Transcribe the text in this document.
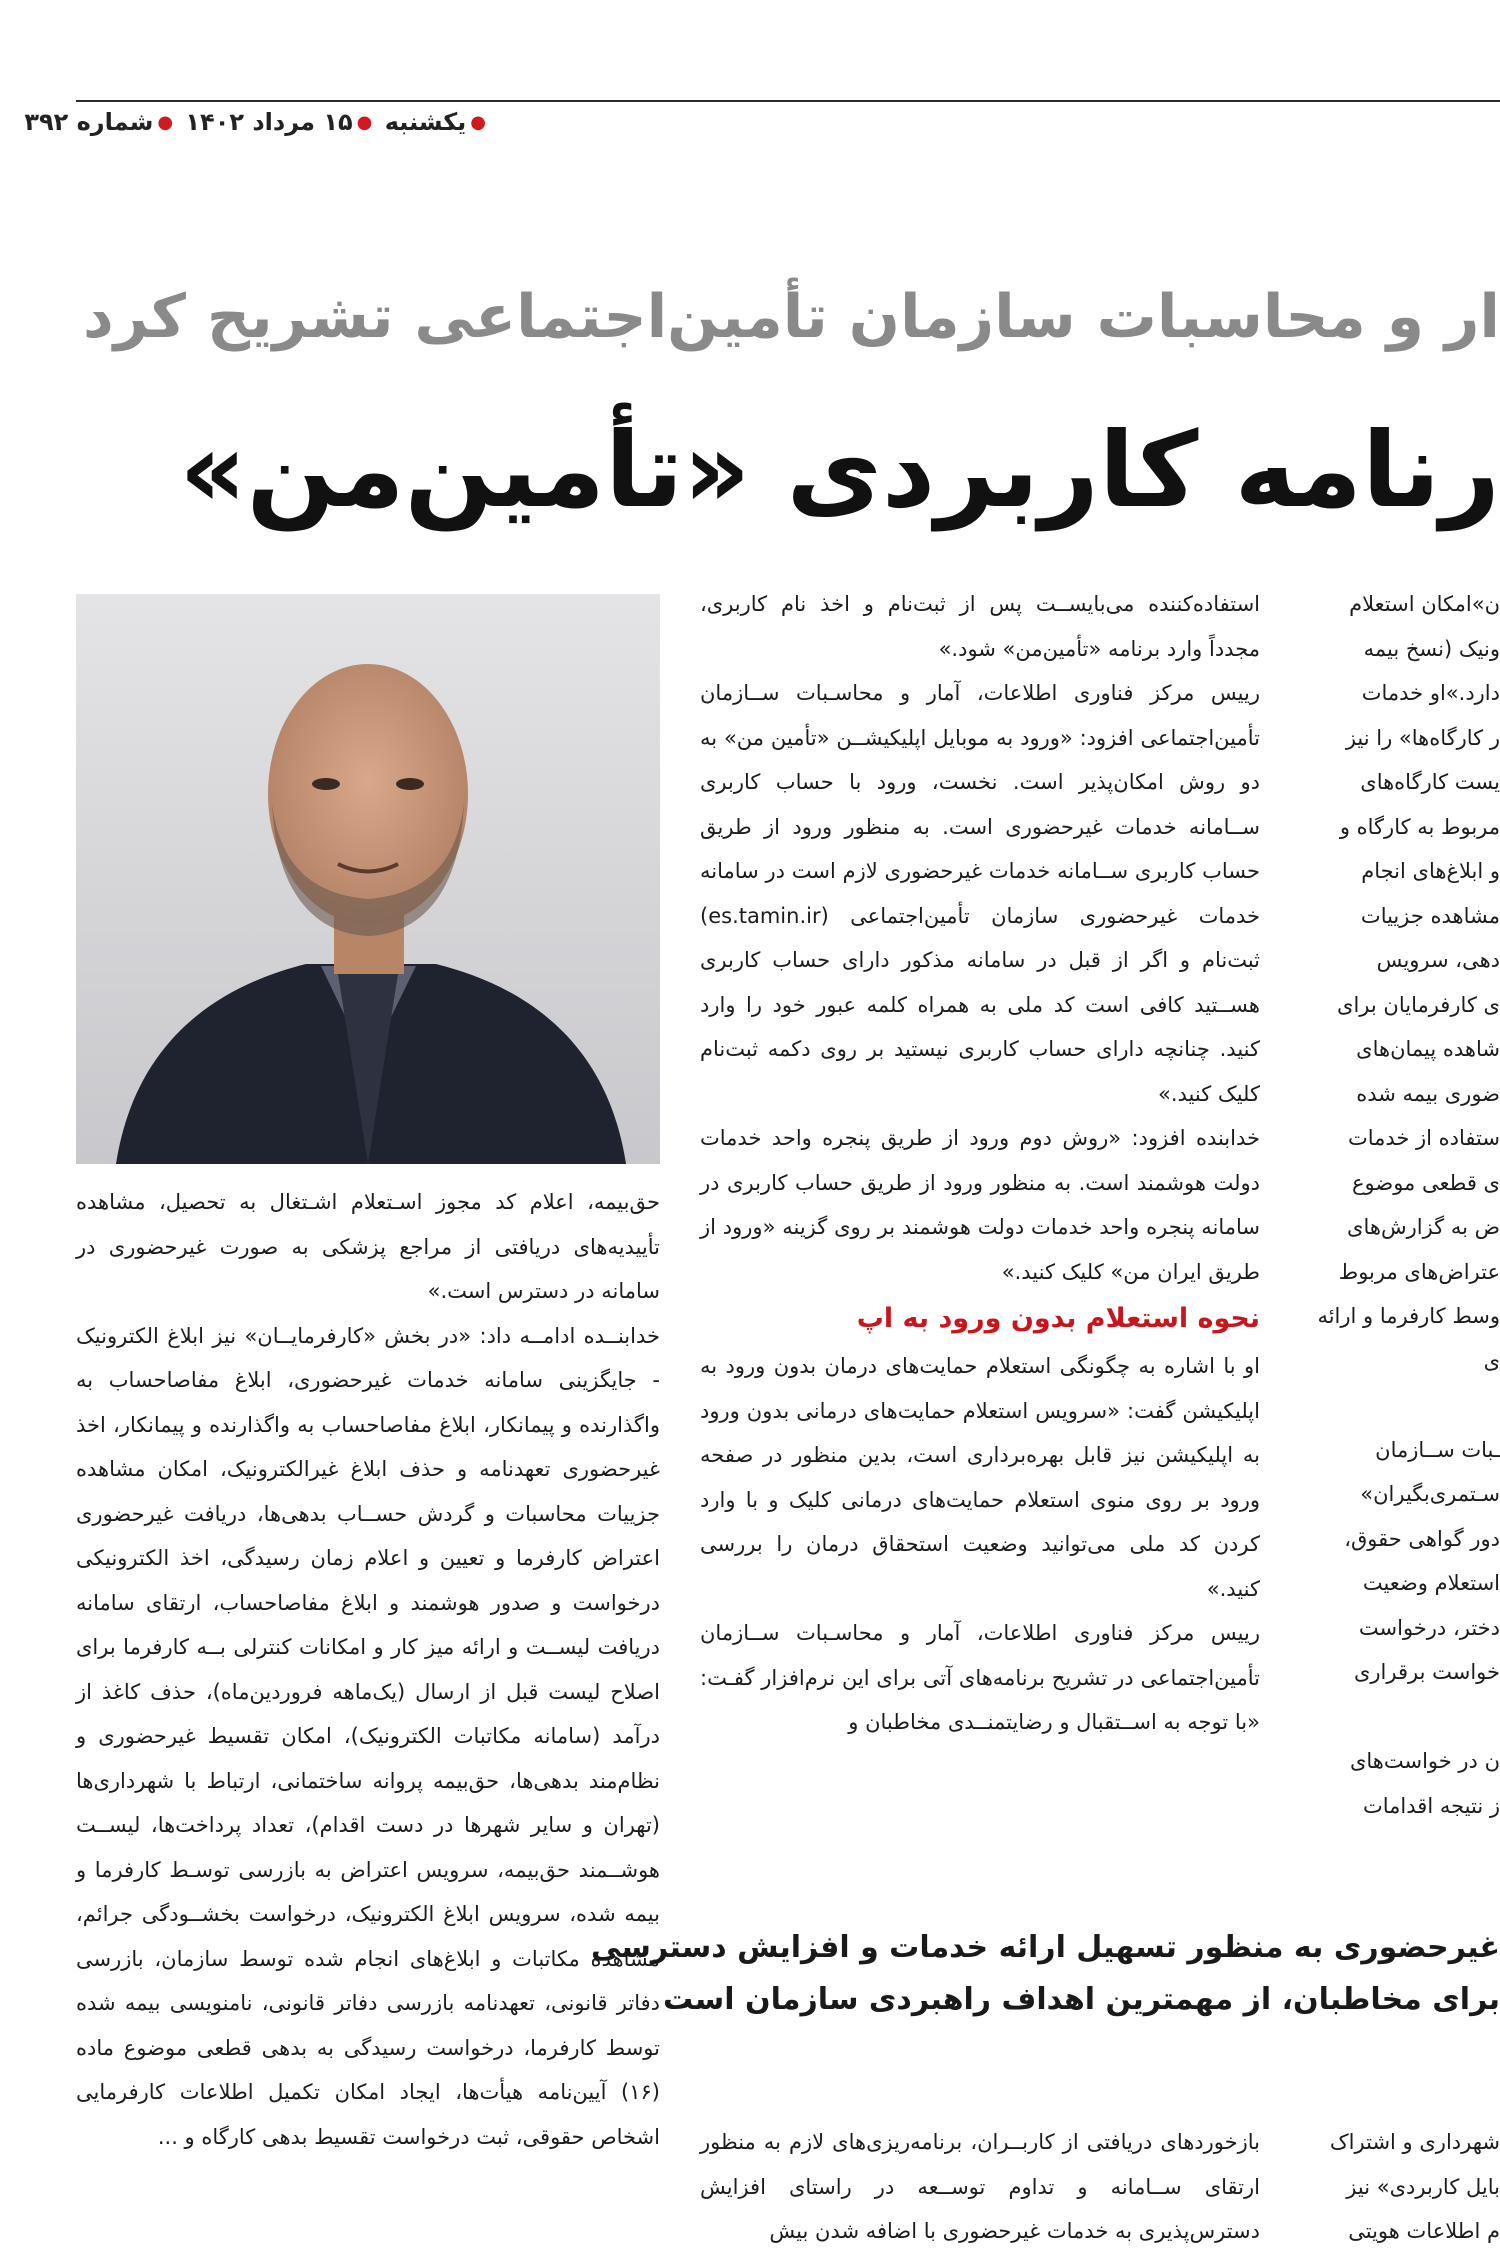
●یکشنبه ●۱۵ مرداد ۱۴۰۲ ●شماره ۳۹۲
ار و محاسبات سازمان تأمین‌اجتماعی تشریح کرد
رنامه کاربردی «تأمین‌من»

استفاده‌کننده می‌بایســت پس از ثبت‌نام و اخذ نام کاربری، مجدداً وارد برنامه «تأمین‌من» شود.»

رییس مرکز فناوری اطلاعات، آمار و محاسـبات ســازمان تأمین‌اجتماعی افزود: «ورود به موبایل اپلیکیشــن «تأمین من» به دو روش امکان‌پذیر است. نخست، ورود با حساب کاربری ســامانه خدمات غیرحضوری است. به منظور ورود از طریق حساب کاربری ســامانه خدمات غیرحضوری لازم است در سامانه خدمات غیرحضوری سازمان تأمین‌اجتماعی (es.tamin.ir) ثبت‌نام و اگر از قبل در سامانه مذکور دارای حساب کاربری هســتید کافی است کد ملی به همراه کلمه عبور خود را وارد کنید. چنانچه دارای حساب کاربری نیستید بر روی دکمه ثبت‌نام کلیک کنید.»

خدابنده افزود: «روش دوم ورود از طریق پنجره واحد خدمات دولت هوشمند است. به منظور ورود از طریق حساب کاربری در سامانه پنجره واحد خدمات دولت هوشمند بر روی گزینه «ورود از طریق ایران من» کلیک کنید.»

نحوه استعلام بدون ورود به اپ

او با اشاره به چگونگی استعلام حمایت‌های درمان بدون ورود به اپلیکیشن گفت: «سرویس استعلام حمایت‌های درمانی بدون ورود به اپلیکیشن نیز قابل بهره‌برداری است، بدین منظور در صفحه ورود بر روی منوی استعلام حمایت‌های درمانی کلیک و با وارد کردن کد ملی می‌توانید وضعیت استحقاق درمان را بررسی کنید.»

رییس مرکز فناوری اطلاعات، آمار و محاسـبات ســازمان تأمین‌اجتماعی در تشریح برنامه‌های آتی برای این نرم‌افزار گفـت: «با توجه به اســتقبال و رضایتمنــدی مخاطبان و

حق‌بیمه، اعلام کد مجوز اسـتعلام اشـتغال به تحصیل، مشاهده تأییدیه‌های دریافتی از مراجع پزشکی به صورت غیرحضوری در سامانه در دسترس است.»

خدابنــده ادامــه داد: «در بخش «کارفرمایــان» نیز ابلاغ الکترونیک - جایگزینی سامانه خدمات غیرحضوری، ابلاغ مفاصاحساب به واگذارنده و پیمانکار، ابلاغ مفاصاحساب به واگذارنده و پیمانکار، اخذ غیرحضوری تعهدنامه و حذف ابلاغ غیرالکترونیک، امکان مشاهده جزییات محاسبات و گردش حســاب بدهی‌ها، دریافت غیرحضوری اعتراض کارفرما و تعیین و اعلام زمان رسیدگی، اخذ الکترونیکی درخواست و صدور هوشمند و ابلاغ مفاصاحساب، ارتقای سامانه دریافت لیســت و ارائه میز کار و امکانات کنترلی بــه کارفرما برای اصلاح لیست قبل از ارسال (یک‌ماهه فروردین‌ماه)، حذف کاغذ از درآمد (سامانه مکاتبات الکترونیک)، امکان تقسیط غیرحضوری و نظام‌مند بدهی‌ها، حق‌بیمه پروانه ساختمانی، ارتباط با شهرداری‌ها (تهران و سایر شهرها در دست اقدام)، تعداد پرداخت‌ها، لیســت هوشــمند حق‌بیمه، سرویس اعتراض به بازرسی توسـط کارفرما و بیمه شده، سرویس ابلاغ الکترونیک، درخواست بخشــودگی جرائم، مشاهده مکاتبات و ابلاغ‌های انجام شده توسط سازمان، بازرسی دفاتر قانونی، تعهدنامه بازرسی دفاتر قانونی، نامنویسی بیمه شده توسط کارفرما، درخواست رسیدگی به بدهی قطعی موضوع ماده (۱۶) آیین‌نامه هیأت‌ها، ایجاد امکان تکمیل اطلاعات کارفرمایی اشخاص حقوقی، ثبت درخواست تقسیط بدهی کارگاه و ...

ن»امکان استعلام

ونیک (نسخ بیمه

دارد.»او خدمات

ر کارگاه‌ها» را نیز

یست کارگاه‌های

مربوط به کارگاه و

و ابلاغ‌های انجام

مشاهده جزییات

دهی، سرویس

ی کارفرمایان برای

شاهده پیمان‌های

ضوری بیمه شده

ستفاده از خدمات

ی قطعی موضوع

ض به گزارش‌های

عتراض‌های مربوط

وسط کارفرما و ارائه

ی

ـبات ســازمان

سـتمری‌بگیران»

دور گواهی حقوق،

استعلام وضعیت

دختر، درخواست

خواست برقراری

ن در خواست‌های

ز نتیجه اقدامات

غیرحضوری به منظور تسهیل ارائه خدمات و افزایش دسترسی

برای مخاطبان، از مهمترین اهداف راهبردی سازمان است

بازخوردهای دریافتی از کاربــران، برنامه‌ریزی‌های لازم به منظور ارتقای ســامانه و تداوم توســعه در راستای افزایش دسترس‌پذیری به خدمات غیرحضوری با اضافه شدن بیش

شهرداری و اشتراک

بایل کاربردی» نیز

م اطلاعات هویتی
